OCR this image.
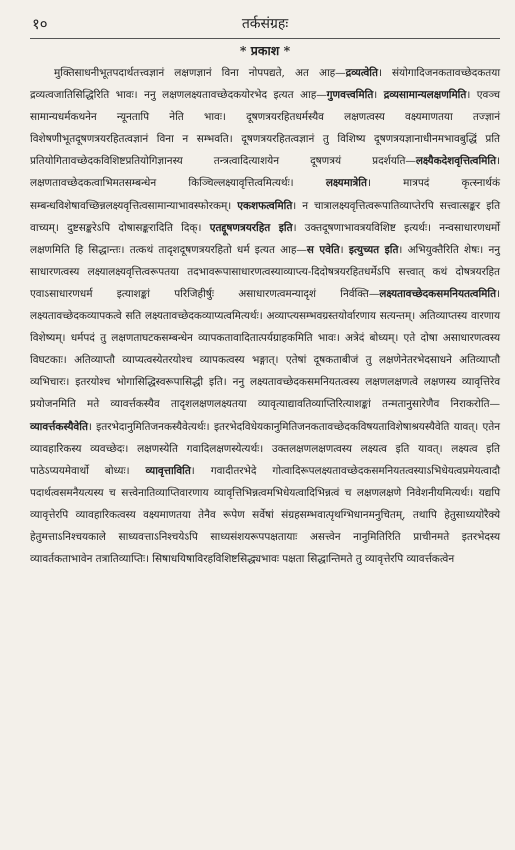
१०	तर्कसंग्रहः
* प्रकाश *

मुक्तिसाधनीभूतपदार्थतत्त्वज्ञानं लक्षणज्ञानं विना नोपपद्यते, अत आह—द्रव्यत्वेति। संयोगादिजनकतावच्छेदकतया द्रव्यत्वजातिसिद्धिरिति भावः। ननु लक्षणलक्ष्यतावच्छेदकयोरभेद इत्यत आह—गुणवत्त्वमिति। द्रव्यसामान्यलक्षणमिति। एवञ्च सामान्यधर्मकथनेन न्यूनतापि नेति भावः। दूषणत्रयरहितधर्मस्यैव लक्षणत्वस्य वक्ष्यमाणतया तज्ज्ञानं विशेषणीभूतदूषणत्रयरहितत्वज्ञानं विना न सम्भवति। दूषणत्रयरहितत्वज्ञानं तु विशिष्य दूषणत्रयज्ञानाधीनमभावबुद्धिं प्रति प्रतियोगितावच्छेदकविशिष्टप्रतियोगिज्ञानस्य तन्त्रत्वादित्याशयेन दूषणत्रयं प्रदर्शयति—लक्ष्यैकदेशवृत्तित्वमिति। लक्षणतावच्छेदकत्वाभिमतसम्बन्धेन किञ्चिल्लक्ष्यावृत्तित्वमित्यर्थः। लक्ष्यमात्रेति। मात्रपदं कृत्स्नार्थकं सम्बन्धविशेषावच्छिन्नलक्ष्यवृत्तित्वसामान्याभावस्फोरकम्। एकशफत्वमिति। न चात्रालक्ष्यवृत्तित्वरूपातिव्याप्तेरपि सत्त्वात्सङ्कर इति वाच्यम्। दुष्टसङ्करेऽपि दोषासङ्करादिति दिक्। एतद्दूषणत्रयरहित इति। उक्तदूषणाभावत्रयविशिष्ट इत्यर्थः। नन्वसाधारणधर्मो लक्षणमिति हि सिद्धान्तः। तत्कथं तादृशदूषणत्रयरहितो धर्म इत्यत आह—स एवेति। इत्युच्यत इति। अभियुक्तैरिति शेषः। ननु साधारणत्वस्य लक्ष्यालक्ष्यवृत्तित्वरूपतया तदभावरूपासाधारणत्वस्याव्याप्त्य-दिदोषत्रयरहितधर्मेऽपि सत्त्वात् कथं दोषत्रयरहित एवाऽसाधारणधर्म इत्याशङ्कां परिजिहीर्षुः असाधारणत्वमन्यादृशं निर्वक्ति—लक्ष्यतावच्छेदकसमनियतत्वमिति। लक्ष्यतावच्छेदकव्यापकत्वे सति लक्ष्यतावच्छेदकव्याप्यत्वमित्यर्थः। अव्याप्त्यसम्भवग्रस्तयोर्वारणाय सत्यन्तम्। अतिव्याप्तस्य वारणाय विशेष्यम्। धर्मपदं तु लक्षणताघटकसम्बन्धेन व्यापकतावादितात्पर्यग्राहकमिति भावः। अत्रेदं बोध्यम्। एते दोषा असाधारणत्वस्य विघटकाः। अतिव्याप्तौ व्याप्यत्वस्येतरयोश्च व्यापकत्वस्य भङ्गात्। एतेषां दूषकताबीजं तु लक्षणेनेतरभेदसाधने अतिव्याप्तौ व्यभिचारः। इतरयोश्च भोगासिद्धिस्वरूपासिद्धी इति। ननु लक्ष्यतावच्छेदकसमनियतत्वस्य लक्षणलक्षणत्वे लक्षणस्य व्यावृत्तिरेव प्रयोजनमिति मते व्यावर्त्तकस्यैव तादृशलक्षणलक्ष्यतया व्यावृत्याद्यावतिव्याप्तिरित्याशङ्कां तन्मतानुसारेणैव निराकरोति—व्यावर्त्तकस्यैवेति। इतरभेदानुमितिजनकस्यैवेत्यर्थः। इतरभेदविधेयकानुमितिजनकतावच्छेदकविषयताविशेषाश्रयस्यैवेति यावत्। एतेन व्यावहारिकस्य व्यवच्छेदः। लक्षणस्येति गवादिलक्षणस्येत्यर्थः। उक्तलक्षणलक्षणत्वस्य लक्ष्यत्व इति यावत्। लक्ष्यत्व इति पाठेऽप्ययमेवार्थो बोध्यः। व्यावृत्ताविति। गवादीतरभेदे गोत्वादिरूपलक्ष्यतावच्छेदकसमनियतत्वस्याऽभिधेयत्वप्रमेयत्वादौ पदार्थत्वसमनैयत्यस्य च सत्त्वेनातिव्याप्तिवारणाय व्यावृत्तिभिन्नत्वमभिधेयत्वादिभिन्नत्वं च लक्षणलक्षणे निवेशनीयमित्यर्थः। यद्यपि व्यावृत्तेरपि व्यावहारिकत्वस्य वक्ष्यमाणतया तेनैव रूपेण सर्वेषां संग्रहसम्भवात्पृथग्भिधानमनुचितम्, तथापि हेतुसाध्ययोरैक्ये हेतुमत्ताऽनिश्चयकाले साध्यवत्ताऽनिश्चयेऽपि साध्यसंशयरूपपक्षतायाः असत्त्वेन नानुमितिरिति प्राचीनमते इतरभेदस्य व्यावर्तकताभावेन तत्रातिव्याप्तिः। सिषाधयिषाविरहविशिष्टसिद्ध्यभावः पक्षता सिद्धान्तिमते तु व्यावृत्तेरपि व्यावर्त्तकत्वेन
